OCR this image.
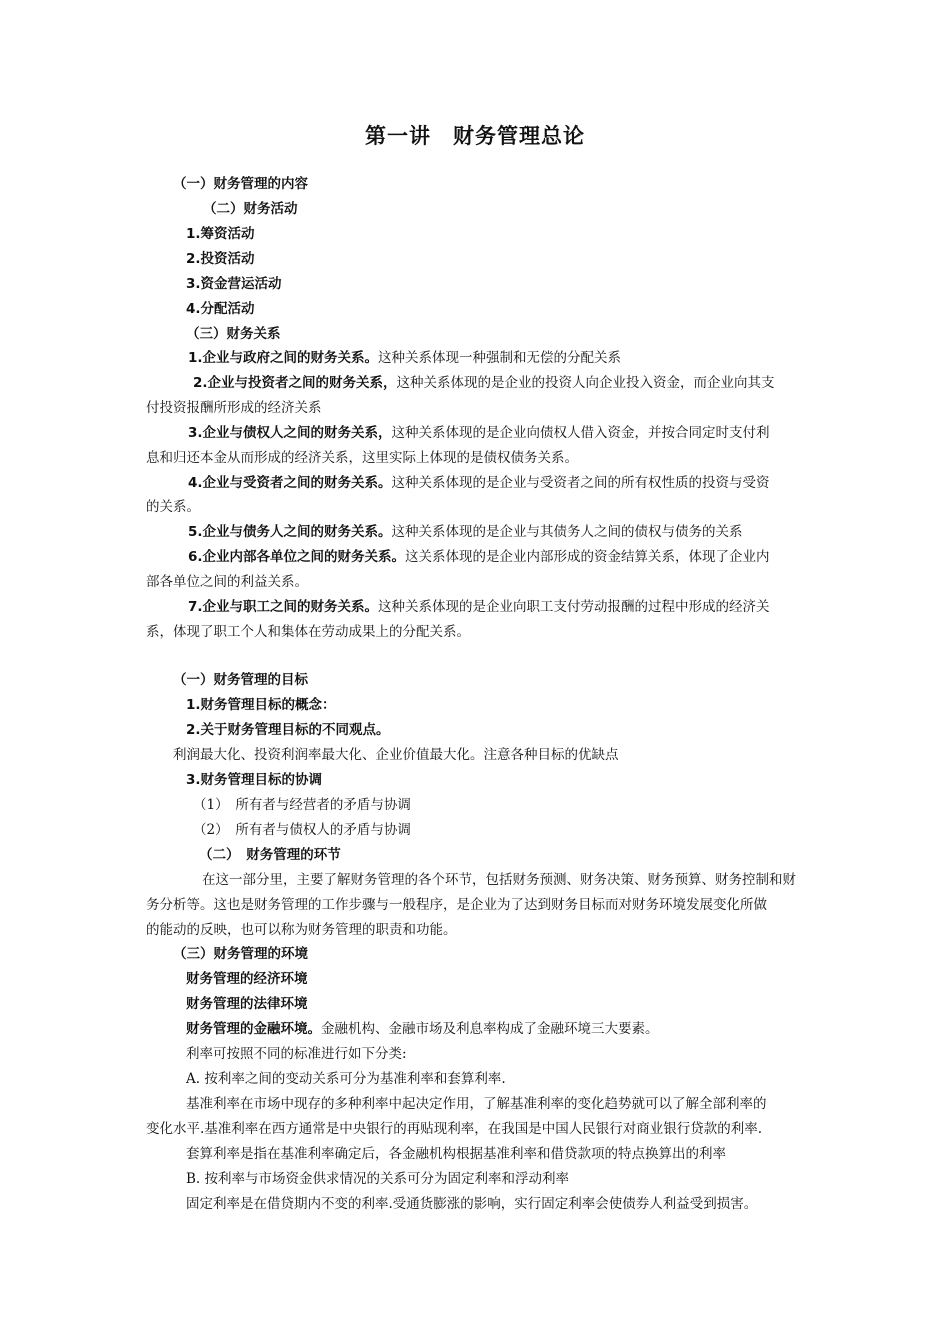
第一讲　财务管理总论
（一）财务管理的内容
（二）财务活动
1.筹资活动
2.投资活动
3.资金营运活动
4.分配活动
（三）财务关系
1.企业与政府之间的财务关系。这种关系体现一种强制和无偿的分配关系
2.企业与投资者之间的财务关系，这种关系体现的是企业的投资人向企业投入资金，而企业向其支
付投资报酬所形成的经济关系
3.企业与债权人之间的财务关系，这种关系体现的是企业向债权人借入资金，并按合同定时支付利
息和归还本金从而形成的经济关系，这里实际上体现的是债权债务关系。
4.企业与受资者之间的财务关系。这种关系体现的是企业与受资者之间的所有权性质的投资与受资
的关系。
5.企业与债务人之间的财务关系。这种关系体现的是企业与其债务人之间的债权与债务的关系
6.企业内部各单位之间的财务关系。这关系体现的是企业内部形成的资金结算关系，体现了企业内
部各单位之间的利益关系。
7.企业与职工之间的财务关系。这种关系体现的是企业向职工支付劳动报酬的过程中形成的经济关
系，体现了职工个人和集体在劳动成果上的分配关系。
（一）财务管理的目标
1.财务管理目标的概念：
2.关于财务管理目标的不同观点。
利润最大化、投资利润率最大化、企业价值最大化。注意各种目标的优缺点
3.财务管理目标的协调
（1）　所有者与经营者的矛盾与协调
（2）　所有者与债权人的矛盾与协调
（二）　财务管理的环节
在这一部分里，主要了解财务管理的各个环节，包括财务预测、财务决策、财务预算、财务控制和财
务分析等。这也是财务管理的工作步骤与一般程序，是企业为了达到财务目标而对财务环境发展变化所做
的能动的反映，也可以称为财务管理的职责和功能。
（三）财务管理的环境
财务管理的经济环境
财务管理的法律环境
财务管理的金融环境。金融机构、金融市场及利息率构成了金融环境三大要素。
利率可按照不同的标准进行如下分类:
A. 按利率之间的变动关系可分为基准利率和套算利率.
基准利率在市场中现存的多种利率中起决定作用，了解基准利率的变化趋势就可以了解全部利率的
变化水平.基准利率在西方通常是中央银行的再贴现利率，在我国是中国人民银行对商业银行贷款的利率.
套算利率是指在基准利率确定后，各金融机构根据基准利率和借贷款项的特点换算出的利率
B. 按利率与市场资金供求情况的关系可分为固定利率和浮动利率
固定利率是在借贷期内不变的利率.受通货膨涨的影响，实行固定利率会使债券人利益受到损害。
